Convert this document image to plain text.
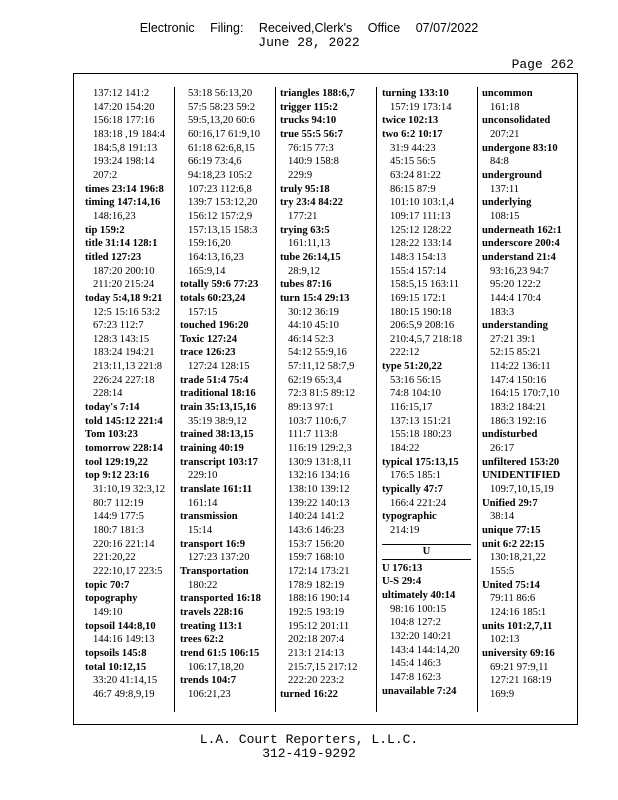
Electronic Filing: Received,Clerk's Office 07/07/2022
June 28, 2022
Page 262
137:12 141:2
147:20 154:20
156:18 177:16
183:18 ,19 184:4
184:5,8 191:13
193:24 198:14
207:2
times 23:14 196:8
timing 147:14,16
148:16,23
tip 159:2
title 31:14 128:1
titled 127:23
187:20 200:10
211:20 215:24
today 5:4,18 9:21
12:5 15:16 53:2
67:23 112:7
128:3 143:15
183:24 194:21
213:11,13 221:8
226:24 227:18
228:14
today's 7:14
told 145:12 221:4
Tom 103:23
tomorrow 228:14
tool 129:19,22
top 9:12 23:16
31:10,19 32:3,12
80:7 112:19
144:9 177:5
180:7 181:3
220:16 221:14
221:20,22
222:10,17 223:5
topic 70:7
topography
149:10
topsoil 144:8,10
144:16 149:13
topsoils 145:8
total 10:12,15
33:20 41:14,15
46:7 49:8,9,19
53:18 56:13,20
57:5 58:23 59:2
59:5,13,20 60:6
60:16,17 61:9,10
61:18 62:6,8,15
66:19 73:4,6
94:18,23 105:2
107:23 112:6,8
139:7 153:12,20
156:12 157:2,9
157:13,15 158:3
159:16,20
164:13,16,23
165:9,14
totally 59:6 77:23
totals 60:23,24
157:15
touched 196:20
Toxic 127:24
trace 126:23
127:24 128:15
trade 51:4 75:4
traditional 18:16
train 35:13,15,16
35:19 38:9,12
trained 38:13,15
training 40:19
transcript 103:17
229:10
translate 161:11
161:14
transmission
15:14
transport 16:9
127:23 137:20
Transportation
180:22
transported 16:18
travels 228:16
treating 113:1
trees 62:2
trend 61:5 106:15
106:17,18,20
trends 104:7
106:21,23
triangles 188:6,7
trigger 115:2
trucks 94:10
true 55:5 56:7
76:15 77:3
140:9 158:8
229:9
truly 95:18
try 23:4 84:22
177:21
trying 63:5
161:11,13
tube 26:14,15
28:9,12
tubes 87:16
turn 15:4 29:13
30:12 36:19
44:10 45:10
46:14 52:3
54:12 55:9,16
57:11,12 58:7,9
62:19 65:3,4
72:3 81:5 89:12
89:13 97:1
103:7 110:6,7
111:7 113:8
116:19 129:2,3
130:9 131:8,11
132:16 134:16
138:10 139:12
139:22 140:13
140:24 141:2
143:6 146:23
153:7 156:20
159:7 168:10
172:14 173:21
178:9 182:19
188:16 190:14
192:5 193:19
195:12 201:11
202:18 207:4
213:1 214:13
215:7,15 217:12
222:20 223:2
turned 16:22
turning 133:10
157:19 173:14
twice 102:13
two 6:2 10:17
31:9 44:23
45:15 56:5
63:24 81:22
86:15 87:9
101:10 103:1,4
109:17 111:13
125:12 128:22
128:22 133:14
148:3 154:13
155:4 157:14
158:5,15 163:11
169:15 172:1
180:15 190:18
206:5,9 208:16
210:4,5,7 218:18
222:12
type 51:20,22
53:16 56:15
74:8 104:10
116:15,17
137:13 151:21
155:18 180:23
184:22
typical 175:13,15
176:5 185:1
typically 47:7
166:4 221:24
typographic
214:19
U
U 176:13
U-S 29:4
ultimately 40:14
98:16 100:15
104:8 127:2
132:20 140:21
143:4 144:14,20
145:4 146:3
147:8 162:3
unavailable 7:24
uncommon
161:18
unconsolidated
207:21
undergone 83:10
84:8
underground
137:11
underlying
108:15
underneath 162:1
underscore 200:4
understand 21:4
93:16,23 94:7
95:20 122:2
144:4 170:4
183:3
understanding
27:21 39:1
52:15 85:21
114:22 136:11
147:4 150:16
164:15 170:7,10
183:2 184:21
186:3 192:16
undisturbed
26:17
unfiltered 153:20
UNIDENTIFIED
109:7,10,15,19
Unified 29:7
38:14
unique 77:15
unit 6:2 22:15
130:18,21,22
155:5
United 75:14
79:11 86:6
124:16 185:1
units 101:2,7,11
102:13
university 69:16
69:21 97:9,11
127:21 168:19
169:9
L.A. Court Reporters, L.L.C.
312-419-9292
